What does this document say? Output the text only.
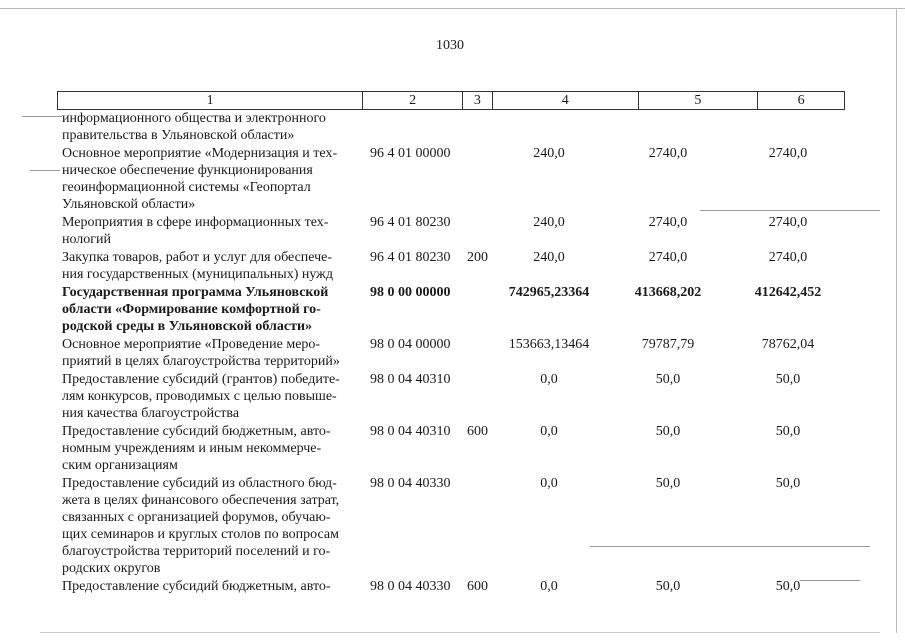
1030
1	2	3	4	5	6
информационного общества и электронного
правительства в Ульяновской области»
Основное мероприятие «Модернизация и тех-
ническое обеспечение функционирования
геоинформационной системы «Геопортал
Ульяновской области»
96 4 01 00000	240,0	2740,0	2740,0
Мероприятия в сфере информационных тех-
нологий
96 4 01 80230	240,0	2740,0	2740,0
Закупка товаров, работ и услуг для обеспече-
ния государственных (муниципальных) нужд
96 4 01 80230 200	240,0	2740,0	2740,0
Государственная программа Ульяновской
области «Формирование комфортной го-
родской среды в Ульяновской области»
98 0 00 00000	742965,23364	413668,202	412642,452
Основное мероприятие «Проведение меро-
приятий в целях благоустройства территорий»
98 0 04 00000	153663,13464	79787,79	78762,04
Предоставление субсидий (грантов) победите-
лям конкурсов, проводимых с целью повыше-
ния качества благоустройства
98 0 04 40310	0,0	50,0	50,0
Предоставление субсидий бюджетным, авто-
номным учреждениям и иным некоммерче-
ским организациям
98 0 04 40310 600	0,0	50,0	50,0
Предоставление субсидий из областного бюд-
жета в целях финансового обеспечения затрат,
связанных с организацией форумов, обучаю-
щих семинаров и круглых столов по вопросам
благоустройства территорий поселений и го-
родских округов
98 0 04 40330	0,0	50,0	50,0
Предоставление субсидий бюджетным, авто-	98 0 04 40330 600	0,0	50,0	50,0
